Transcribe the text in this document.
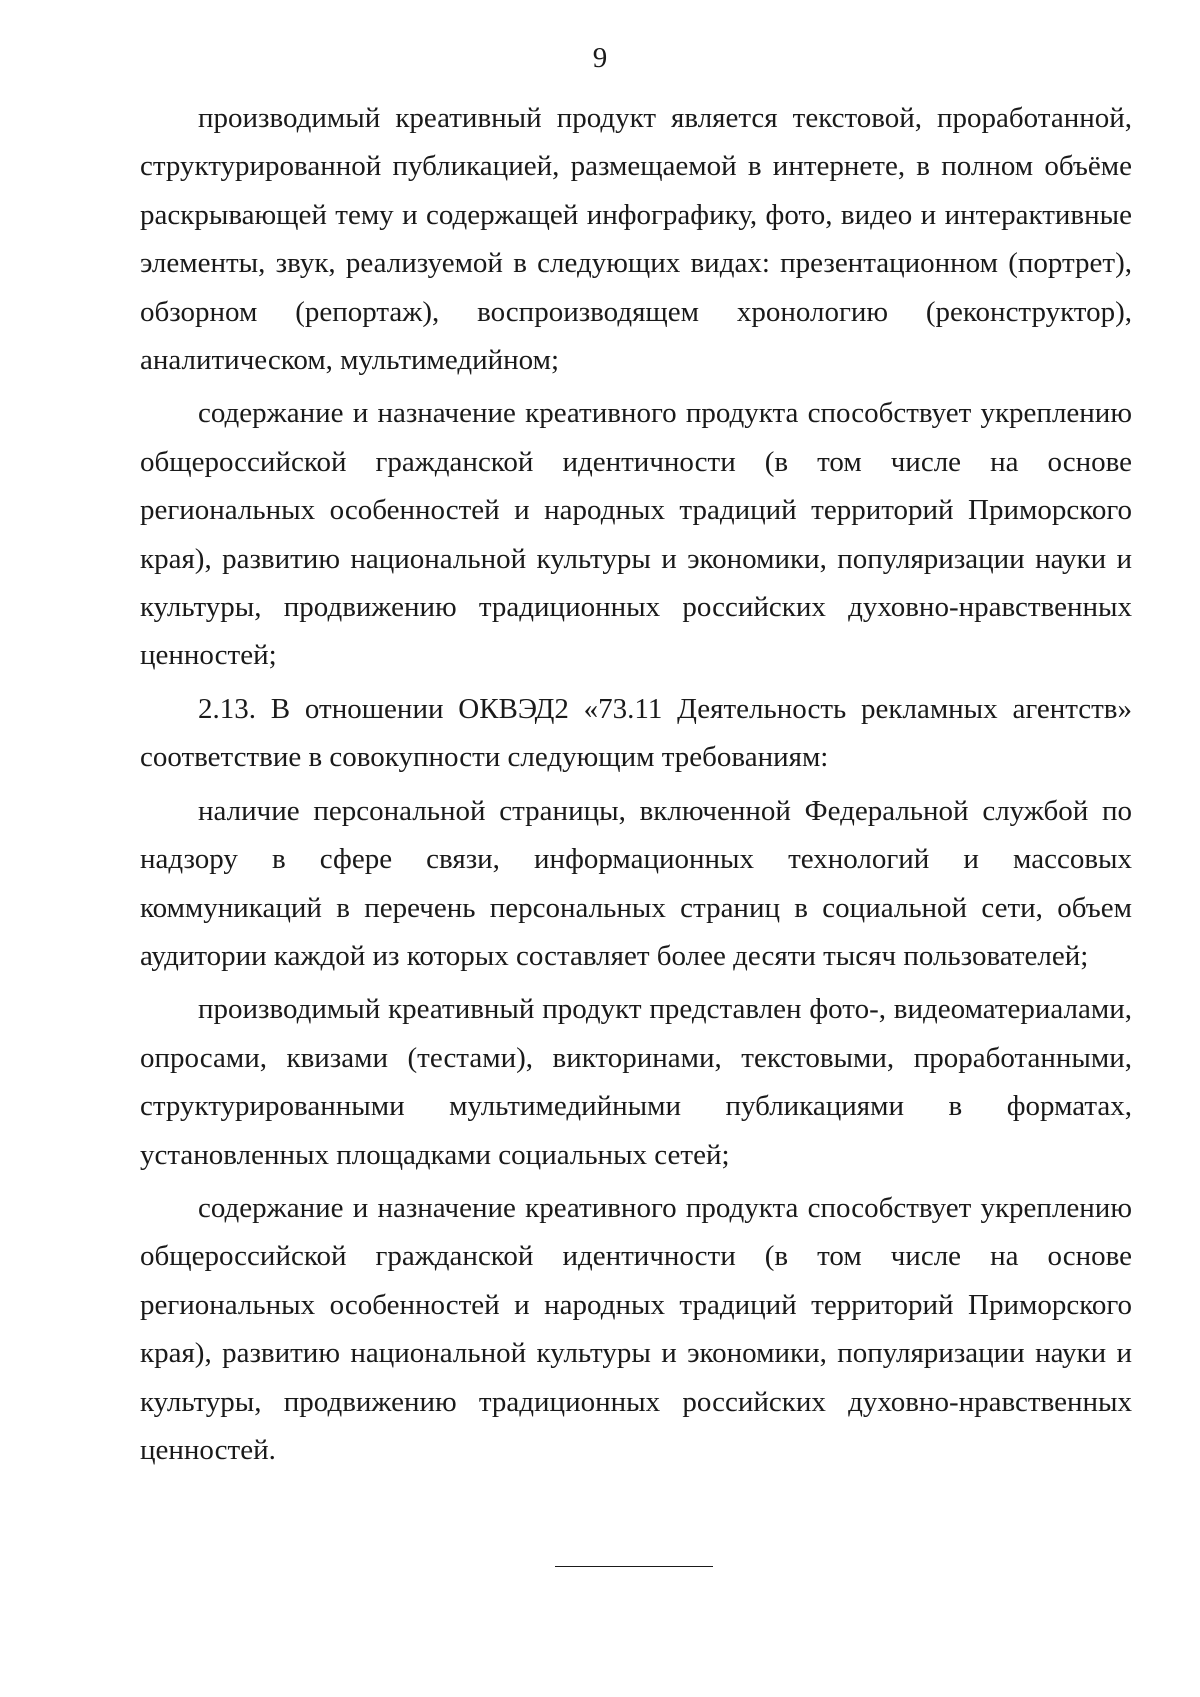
9

производимый креативный продукт является текстовой, проработанной, структурированной публикацией, размещаемой в интернете, в полном объёме раскрывающей тему и содержащей инфографику, фото, видео и интерактивные элементы, звук, реализуемой в следующих видах: презентационном (портрет), обзорном (репортаж), воспроизводящем хронологию (реконструктор), аналитическом, мультимедийном;

содержание и назначение креативного продукта способствует укреплению общероссийской гражданской идентичности (в том числе на основе региональных особенностей и народных традиций территорий Приморского края), развитию национальной культуры и экономики, популяризации науки и культуры, продвижению традиционных российских духовно-нравственных ценностей;

2.13. В отношении ОКВЭД2 «73.11 Деятельность рекламных агентств» соответствие в совокупности следующим требованиям:

наличие персональной страницы, включенной Федеральной службой по надзору в сфере связи, информационных технологий и массовых коммуникаций в перечень персональных страниц в социальной сети, объем аудитории каждой из которых составляет более десяти тысяч пользователей;

производимый креативный продукт представлен фото-, видеоматериалами, опросами, квизами (тестами), викторинами, текстовыми, проработанными, структурированными мультимедийными публикациями в форматах, установленных площадками социальных сетей;

содержание и назначение креативного продукта способствует укреплению общероссийской гражданской идентичности (в том числе на основе региональных особенностей и народных традиций территорий Приморского края), развитию национальной культуры и экономики, популяризации науки и культуры, продвижению традиционных российских духовно-нравственных ценностей.
